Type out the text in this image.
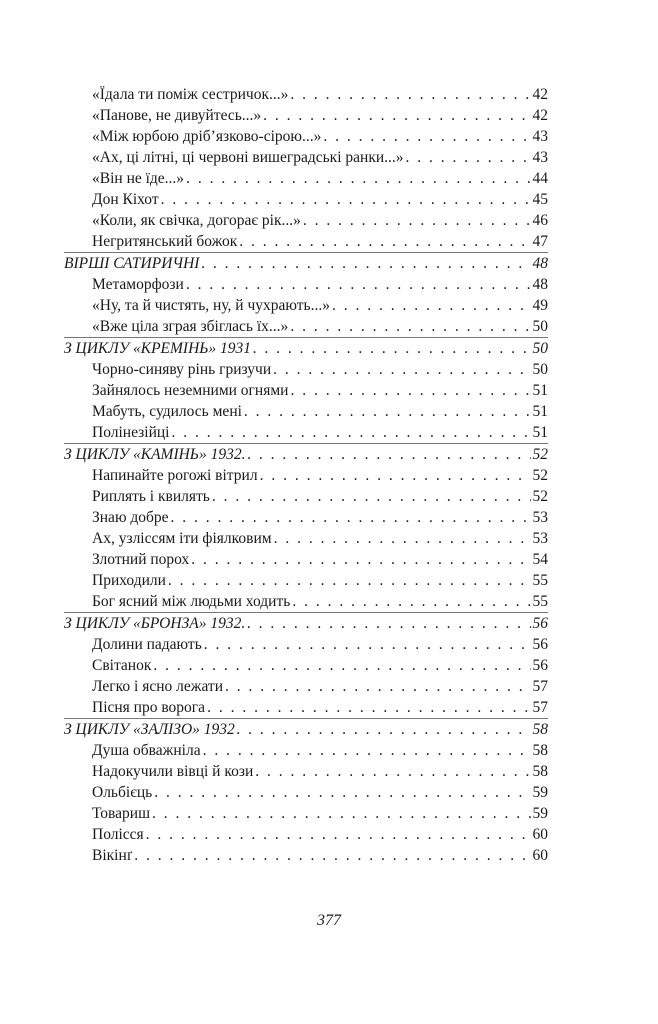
«Їдала ти поміж сестричок...» . . .	42
«Панове, не дивуйтесь...» . . .	42
«Між юрбою дріб’язково-сірою...» . . .	43
«Ах, ці літні, ці червоні вишеградські ранки...» . . .	43
«Він не їде...» . . .	44
Дон Кіхот . . .	45
«Коли, як свічка, догорає рік...» . . .	46
Негритянський божок . . .	47
ВІРШІ САТИРИЧНІ . . .	48
Метаморфози . . .	48
«Ну, та й чистять, ну, й чухрають...» . . .	49
«Вже ціла зграя збіглась їх...» . . .	50
З ЦИКЛУ «КРЕМІНЬ» 1931 . . .	50
Чорно-синяву рінь гризучи . . .	50
Зайнялось неземними огнями . . .	51
Мабуть, судилось мені . . .	51
Полінезійці . . .	51
З ЦИКЛУ «КАМІНЬ» 1932. . . .	52
Напинайте рогожі вітрил . . .	52
Риплять і квилять . . .	52
Знаю добре . . .	53
Ах, узліссям іти фіялковим . . .	53
Злотний порох . . .	54
Приходили . . .	55
Бог ясний між людьми ходить . . .	55
З ЦИКЛУ «БРОНЗА» 1932. . . .	56
Долини падають . . .	56
Світанок . . .	56
Легко і ясно лежати . . .	57
Пісня про ворога . . .	57
З ЦИКЛУ «ЗАЛІЗО» 1932 . . .	58
Душа обважніла . . .	58
Надокучили вівці й кози . . .	58
Ольбієць . . .	59
Товариш . . .	59
Полісся . . .	60
Вікінґ . . .	60
377
